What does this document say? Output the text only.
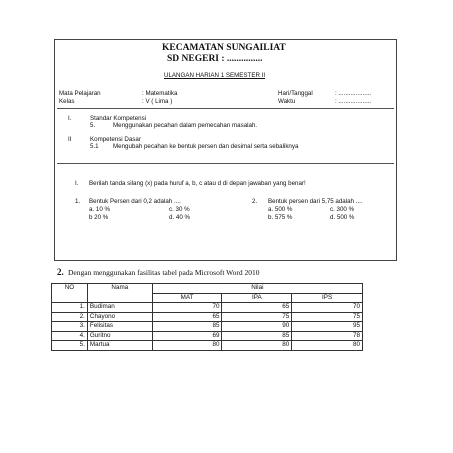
KECAMATAN SUNGAILIAT
SD NEGERI : ...............
ULANGAN HARIAN 1 SEMESTER II
Mata Pelajaran	: Matematika
Kelas	: V ( Lima )
Hari/Tanggal	: ...................
Waktu	: ...................
I.	Standar Kompetensi
5.	Menggunakan pecahan dalam pemecahan masalah.
II	Kompetensi Dasar
5.1 Mengubah pecahan ke bentuk persen dan desimal serta sebaliknya
I. Berilah tanda silang (x) pada huruf a, b, c atau d di depan jawaban yang benar!
1. Bentuk Persen dari 0,2 adalah ....
a. 10 %	c. 30 %
b 20 %	d. 40 %
2. Bentuk persen dari 5,75 adalah ....
a. 500 %	c. 300 %
b. 575 %	d. 500 %
2. Dengan menggunakan fasilitas tabel pada Microsoft Word 2010
NO	Nama	Nilai		
		MAT	IPA	IPS
1.	Budiman	70	65	70
2.	Chayono	65	75	75
3.	Felisitas	85	90	95
4.	Guritno	69	85	78
5.	Martua	80	80	80
